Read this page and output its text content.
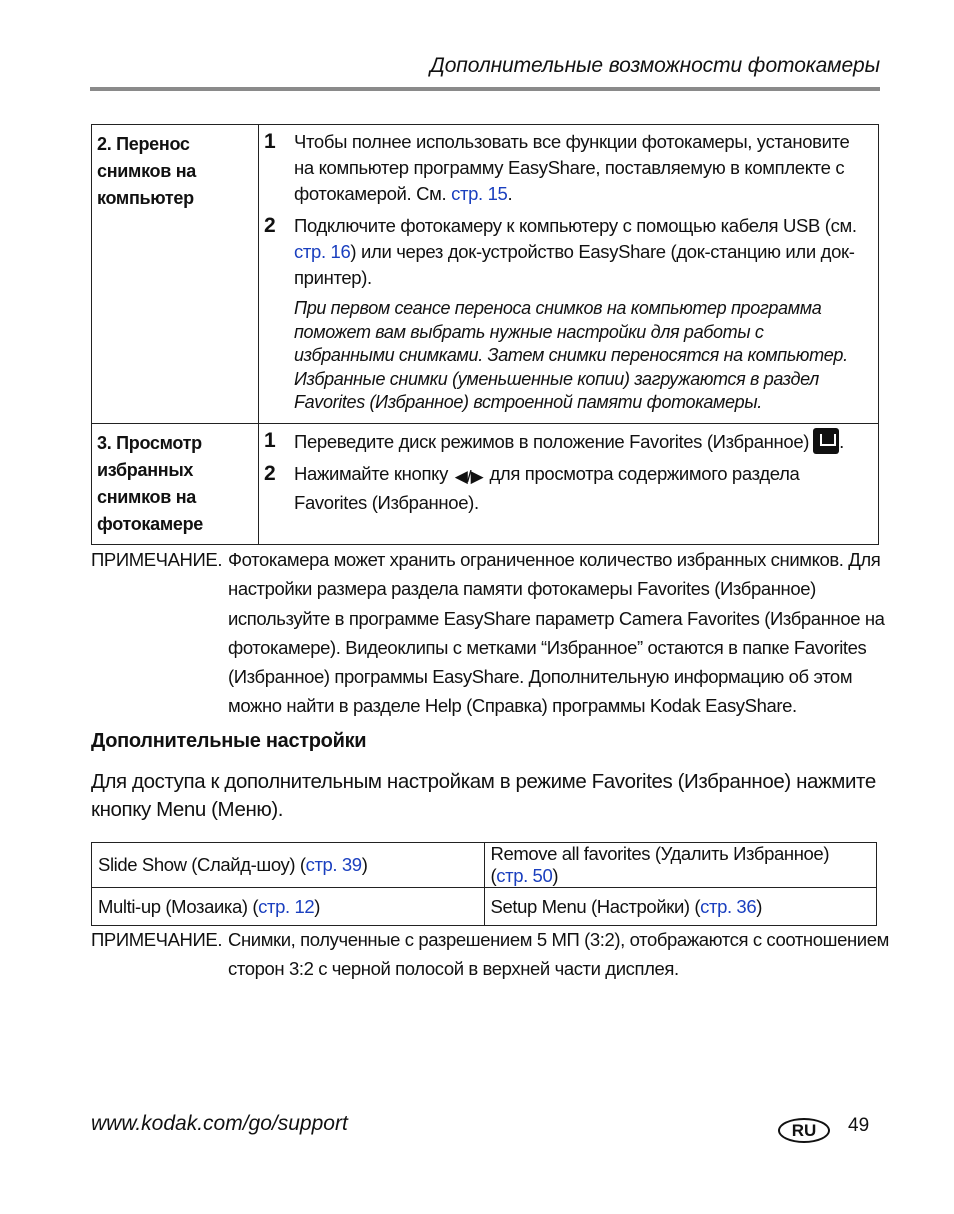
Дополнительные возможности фотокамеры
2. Перенос снимков на компьютер	1 Чтобы полнее использовать все функции фотокамеры, установите на компьютер программу EasyShare, поставляемую в комплекте с фотокамерой. См. стр. 15.
2 Подключите фотокамеру к компьютеру с помощью кабеля USB (см. стр. 16) или через док-устройство EasyShare (док-станцию или док-принтер).
При первом сеансе переноса снимков на компьютер программа поможет вам выбрать нужные настройки для работы с избранными снимками. Затем снимки переносятся на компьютер. Избранные снимки (уменьшенные копии) загружаются в раздел Favorites (Избранное) встроенной памяти фотокамеры.

3. Просмотр избранных снимков на фотокамере	1 Переведите диск режимов в положение Favorites (Избранное) .
2 Нажимайте кнопку ◀/▶ для просмотра содержимого раздела Favorites (Избранное).
ПРИМЕЧАНИЕ. Фотокамера может хранить ограниченное количество избранных снимков. Для настройки размера раздела памяти фотокамеры Favorites (Избранное) используйте в программе EasyShare параметр Camera Favorites (Избранное на фотокамере). Видеоклипы с метками “Избранное” остаются в папке Favorites (Избранное) программы EasyShare. Дополнительную информацию об этом можно найти в разделе Help (Справка) программы Kodak EasyShare.
Дополнительные настройки
Для доступа к дополнительным настройкам в режиме Favorites (Избранное) нажмите кнопку Menu (Меню).
Slide Show (Слайд-шоу) (стр. 39)	Remove all favorites (Удалить Избранное) (стр. 50)
Multi-up (Мозаика) (стр. 12)	Setup Menu (Настройки) (стр. 36)
ПРИМЕЧАНИЕ. Снимки, полученные с разрешением 5 МП (3:2), отображаются с соотношением сторон 3:2 с черной полосой в верхней части дисплея.
www.kodak.com/go/support	RU	49
